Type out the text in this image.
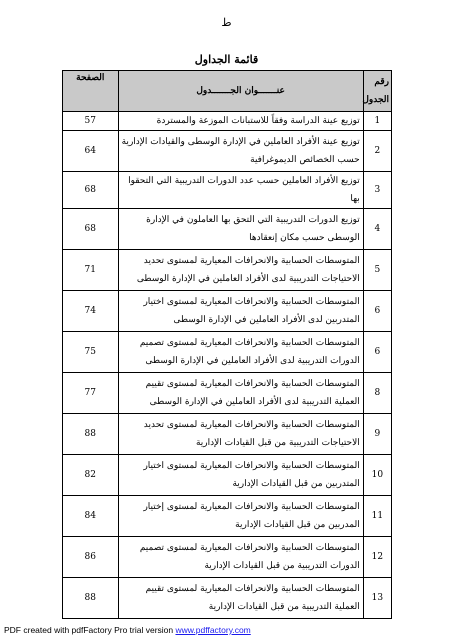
ط
قائمة الجداول
رقم الجدول	عنـــــــوان الجـــــــدول	الصفحة
1	توزيع عينة الدراسة وفقاً للاستبانات الموزعة والمستردة	57
2	توزيع عينة الأفراد العاملين في الإدارة الوسطى والقيادات الإدارية حسب الخصائص الديموغرافية	64
3	توزيع الأفراد العاملين حسب عدد الدورات التدريبية التي التحقوا بها	68
4	توزيع الدورات التدريبية التي التحق بها العاملون في الإدارة الوسطى حسب مكان إنعقادها	68
5	المتوسطات الحسابية والانحرافات المعيارية لمستوى تحديد الاحتياجات التدريبية لدى الأفراد العاملين في الإدارة الوسطى	71
6	المتوسطات الحسابية والانحرافات المعيارية لمستوى اختيار المتدربين لدى الأفراد العاملين في الإدارة الوسطى	74
6	المتوسطات الحسابية والانحرافات المعيارية لمستوى تصميم الدورات التدريبية لدى الأفراد العاملين في الإدارة الوسطى	75
8	المتوسطات الحسابية والانحرافات المعيارية لمستوى تقييم العملية التدريبية لدى الأفراد العاملين في الإدارة الوسطى	77
9	المتوسطات الحسابية والانحرافات المعيارية لمستوى تحديد الاحتياجات التدريبية من قبل القيادات الإدارية	88
10	المتوسطات الحسابية والانحرافات المعيارية لمستوى اختيار المتدربين من قبل القيادات الإدارية	82
11	المتوسطات الحسابية والانحرافات المعيارية لمستوى إختيار المدربين من قبل القيادات الإدارية	84
12	المتوسطات الحسابية والانحرافات المعيارية لمستوى تصميم الدورات التدريبية من قبل القيادات الإدارية	86
13	المتوسطات الحسابية والانحرافات المعيارية لمستوى تقييم العملية التدريبية من قبل القيادات الإدارية	88
PDF created with pdfFactory Pro trial version www.pdffactory.com
